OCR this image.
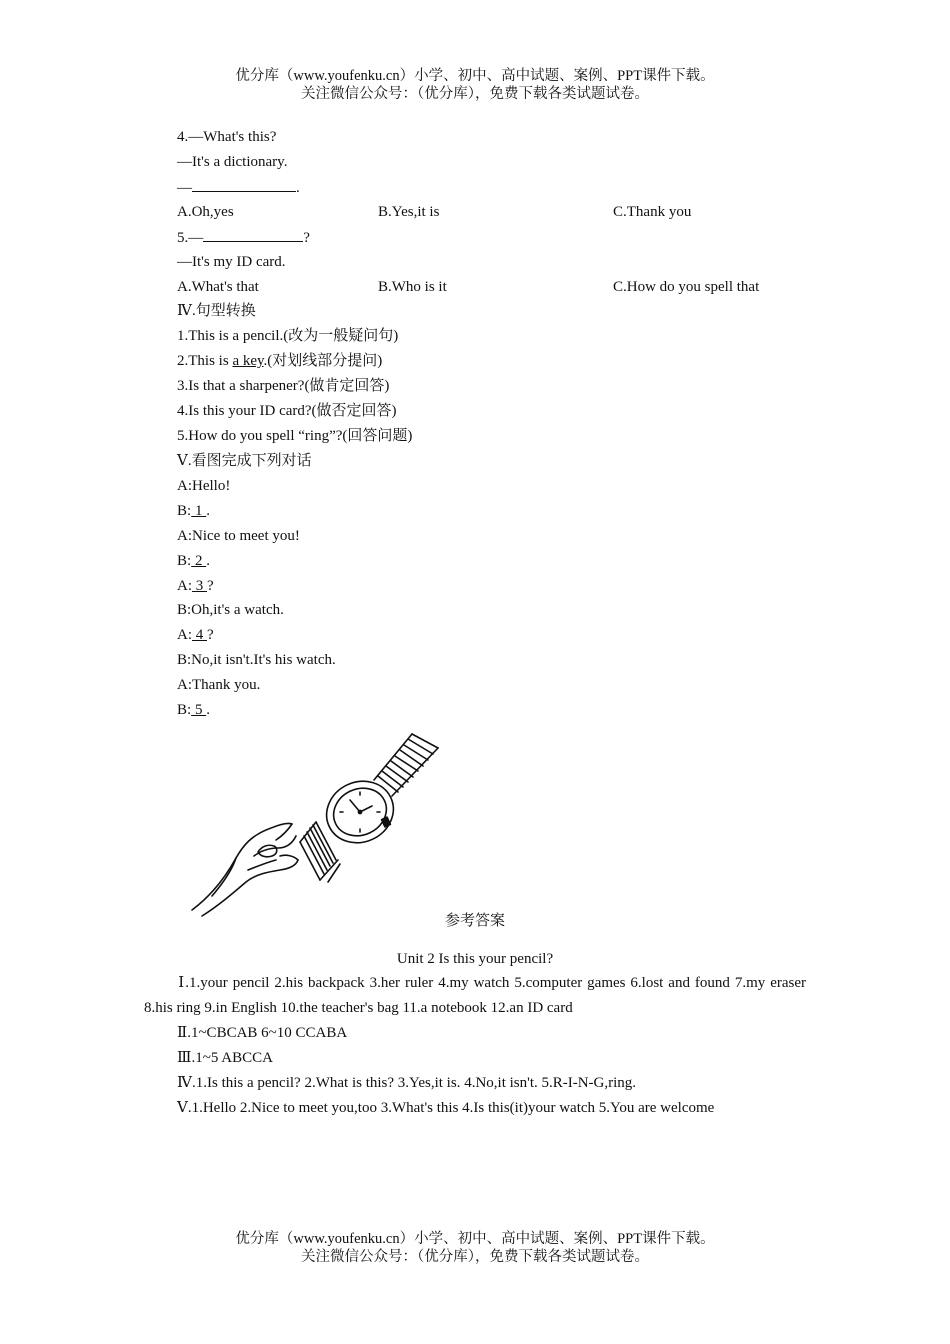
优分库（www.youfenku.cn）小学、初中、高中试题、案例、PPT课件下载。
关注微信公众号：（优分库），免费下载各类试题试卷。
4.—What's this?
—It's a dictionary.
—	.
A.Oh,yes	B.Yes,it is	C.Thank you
5.—	?
—It's my ID card.
A.What's that	B.Who is it	C.How do you spell that
Ⅳ.句型转换
1.This is a pencil.(改为一般疑问句)
2.This is a key.(对划线部分提问)
3.Is that a sharpener?(做肯定回答)
4.Is this your ID card?(做否定回答)
5.How do you spell “ring”?(回答问题)
Ⅴ.看图完成下列对话
A:Hello!
B: 1 .
A:Nice to meet you!
B: 2 .
A: 3 ?
B:Oh,it's a watch.
A: 4 ?
B:No,it isn't.It's his watch.
A:Thank you.
B: 5 .
参考答案
Unit 2 Is this your pencil?
Ⅰ.1.your pencil 2.his backpack 3.her ruler 4.my watch 5.computer games 6.lost and found 7.my eraser 8.his ring 9.in English 10.the teacher's bag 11.a notebook 12.an ID card
Ⅱ.1~CBCAB 6~10 CCABA
Ⅲ.1~5 ABCCA
Ⅳ.1.Is this a pencil? 2.What is this? 3.Yes,it is. 4.No,it isn't. 5.R-I-N-G,ring.
Ⅴ.1.Hello 2.Nice to meet you,too 3.What's this 4.Is this(it)your watch 5.You are welcome
优分库（www.youfenku.cn）小学、初中、高中试题、案例、PPT课件下载。
关注微信公众号：（优分库），免费下载各类试题试卷。
